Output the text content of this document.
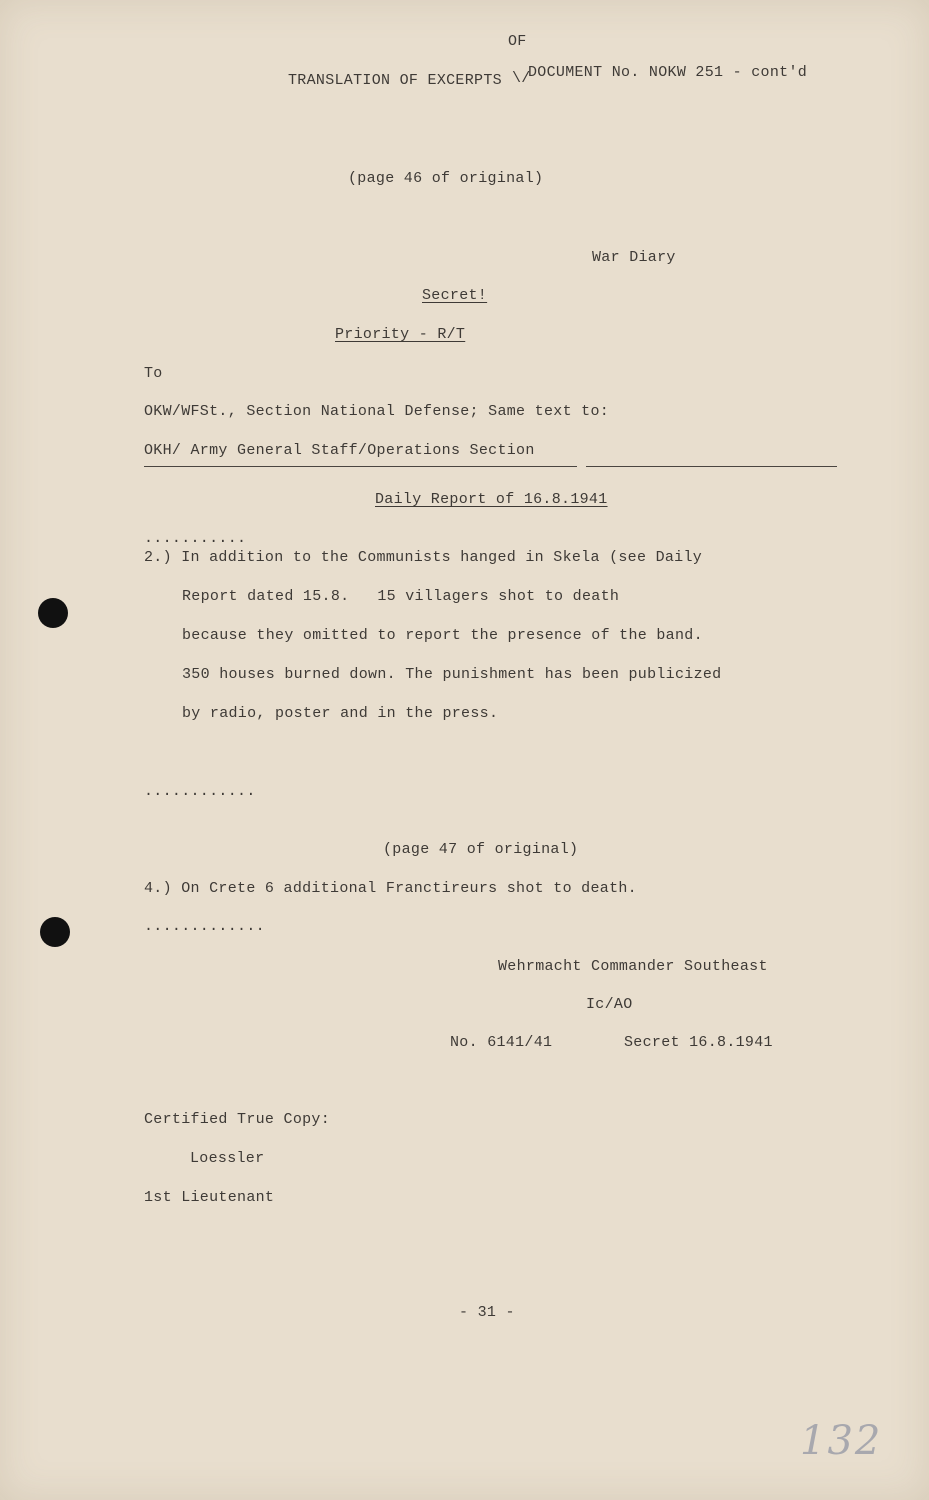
OF
TRANSLATION OF EXCERPTS \/
DOCUMENT No. NOKW 251 - cont'd
(page 46 of original)
War Diary
Secret!
Priority - R/T
To
OKW/WFSt., Section National Defense; Same text to:
OKH/ Army General Staff/Operations Section
Daily Report of 16.8.1941
...........
2.) In addition to the Communists hanged in Skela (see Daily
Report dated 15.8.   15 villagers shot to death
because they omitted to report the presence of the band.
350 houses burned down. The punishment has been publicized
by radio, poster and in the press.
............
(page 47 of original)
4.) On Crete 6 additional Franctireurs shot to death.
.............
Wehrmacht Commander Southeast
Ic/AO
No. 6141/41	Secret 16.8.1941
Certified True Copy:
Loessler
1st Lieutenant
- 31 -
132
